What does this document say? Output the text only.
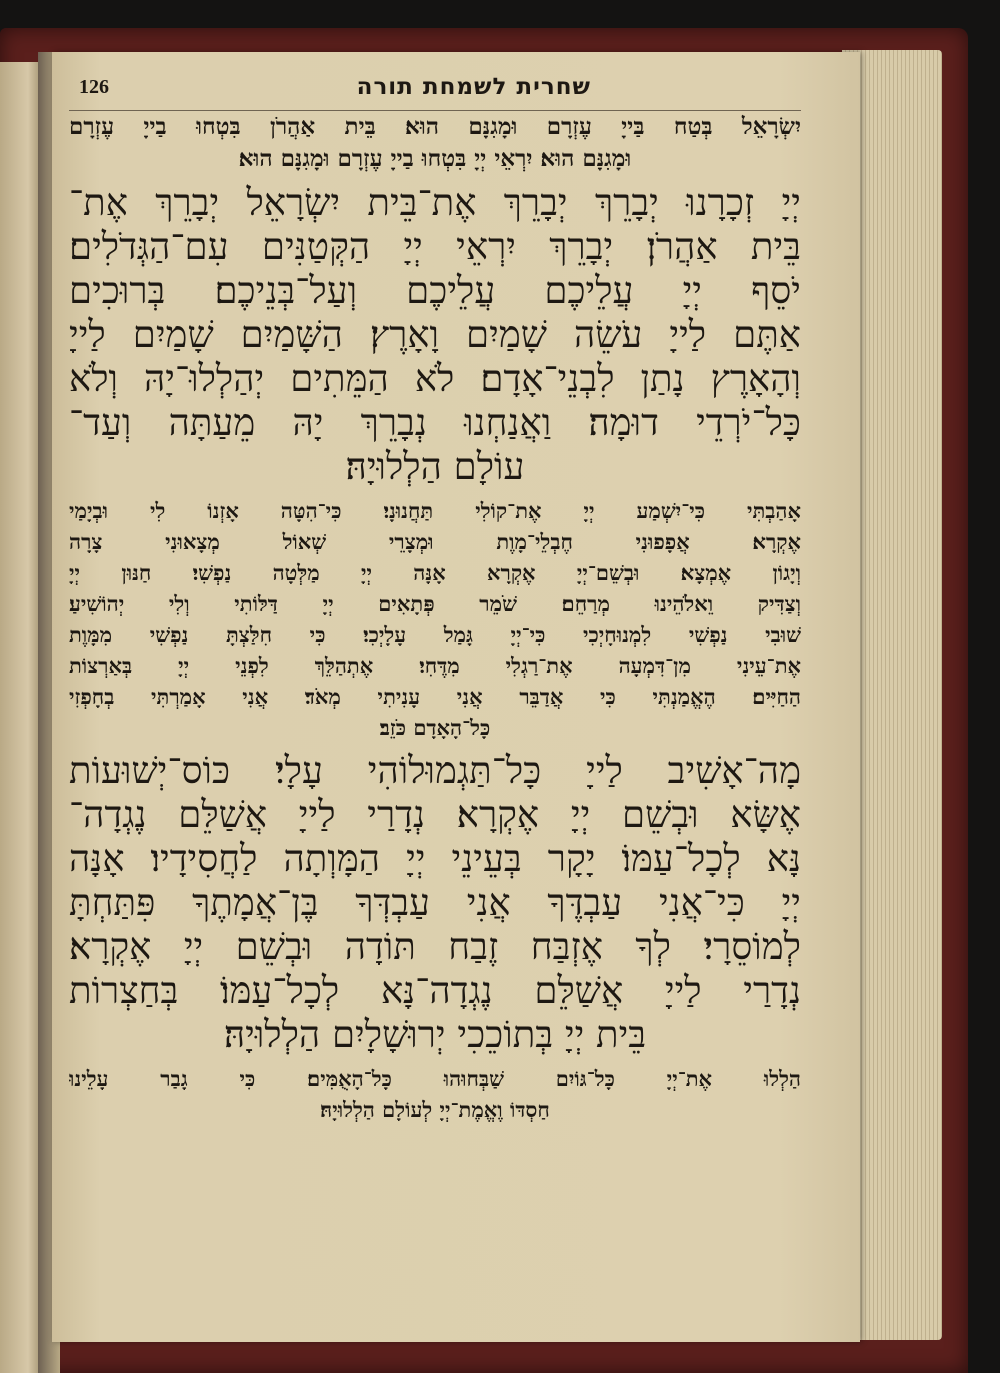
שחרית לשמחת תורה
126
יִשְׂרָאֵל בְּטַח בַּייָ עֶזְרָם וּמָגִנָּם הוּא׃ בֵּית אַהֲרֹן בִּטְחוּ בַייָ עֶזְרָם
וּמָגִנָּם הוּא׃ יִרְאֵי יְיָ בִּטְחוּ בַייָ עֶזְרָם וּמָגִנָּם הוּא׃
יְיָ זְכָרָנוּ יְבָרֵךְ יְבָרֵךְ אֶת־בֵּית יִשְׂרָאֵל יְבָרֵךְ אֶת־
בֵּית אַהֲרֹן׃ יְבָרֵךְ יִרְאֵי יְיָ הַקְּטַנִּים עִם־הַגְּדֹלִים׃
יֹסֵף יְיָ עֲלֵיכֶם עֲלֵיכֶם וְעַל־בְּנֵיכֶם׃ בְּרוּכִים
אַתֶּם לַייָ עֹשֵׂה שָׁמַיִם וָאָרֶץ׃ הַשָּׁמַיִם שָׁמַיִם לַייָ
וְהָאָרֶץ נָתַן לִבְנֵי־אָדָם׃ לֹא הַמֵּתִים יְהַלְלוּ־יָהּ וְלֹא
כָּל־יֹרְדֵי דוּמָה׃ וַאֲנַחְנוּ נְבָרֵךְ יָהּ מֵעַתָּה וְעַד־
עוֹלָם הַלְלוּיָהּ׃
אָהַבְתִּי כִּי־יִשְׁמַע יְיָ אֶת־קוֹלִי תַּחֲנוּנָי׃ כִּי־הִטָּה אָזְנוֹ לִי וּבְיָמַי
אֶקְרָא׃ אֲפָפוּנִי חֶבְלֵי־מָוֶת וּמְצָרֵי שְׁאוֹל מְצָאוּנִי צָרָה
וְיָגוֹן אֶמְצָא׃ וּבְשֵׁם־יְיָ אֶקְרָא אָנָּה יְיָ מַלְּטָה נַפְשִׁי׃ חַנּוּן יְיָ
וְצַדִּיק וֵאלֹהֵינוּ מְרַחֵם׃ שֹׁמֵר פְּתָאִים יְיָ דַּלּוֹתִי וְלִי יְהוֹשִׁיעַ׃
שׁוּבִי נַפְשִׁי לִמְנוּחָיְכִי כִּי־יְיָ גָּמַל עָלָיְכִי׃ כִּי חִלַּצְתָּ נַפְשִׁי מִמָּוֶת
אֶת־עֵינִי מִן־דִּמְעָה אֶת־רַגְלִי מִדֶּחִי׃ אֶתְהַלֵּךְ לִפְנֵי יְיָ בְּאַרְצוֹת
הַחַיִּים׃ הֶאֱמַנְתִּי כִּי אֲדַבֵּר אֲנִי עָנִיתִי מְאֹד׃ אֲנִי אָמַרְתִּי בְחָפְזִי
כָּל־הָאָדָם כֹּזֵב׃
מָה־אָשִׁיב לַייָ כָּל־תַּגְמוּלוֹהִי עָלָי׃ כּוֹס־יְשׁוּעוֹת
אֶשָּׂא וּבְשֵׁם יְיָ אֶקְרָא׃ נְדָרַי לַייָ אֲשַׁלֵּם נֶגְדָה־
נָּא לְכָל־עַמּוֹ׃ יָקָר בְּעֵינֵי יְיָ הַמָּוְתָה לַחֲסִידָיו׃ אָנָּה
יְיָ כִּי־אֲנִי עַבְדֶּךָ אֲנִי עַבְדְּךָ בֶּן־אֲמָתֶךָ פִּתַּחְתָּ
לְמוֹסֵרָי׃ לְךָ אֶזְבַּח זֶבַח תּוֹדָה וּבְשֵׁם יְיָ אֶקְרָא׃
נְדָרַי לַייָ אֲשַׁלֵּם נֶגְדָה־נָּא לְכָל־עַמּוֹ׃ בְּחַצְרוֹת
בֵּית יְיָ בְּתוֹכֵכִי יְרוּשָׁלָיִם הַלְלוּיָהּ׃
הַלְלוּ אֶת־יְיָ כָּל־גּוֹיִם שַׁבְּחוּהוּ כָּל־הָאֻמִּים׃ כִּי גָבַר עָלֵינוּ
חַסְדּוֹ וֶאֱמֶת־יְיָ לְעוֹלָם הַלְלוּיָהּ׃
